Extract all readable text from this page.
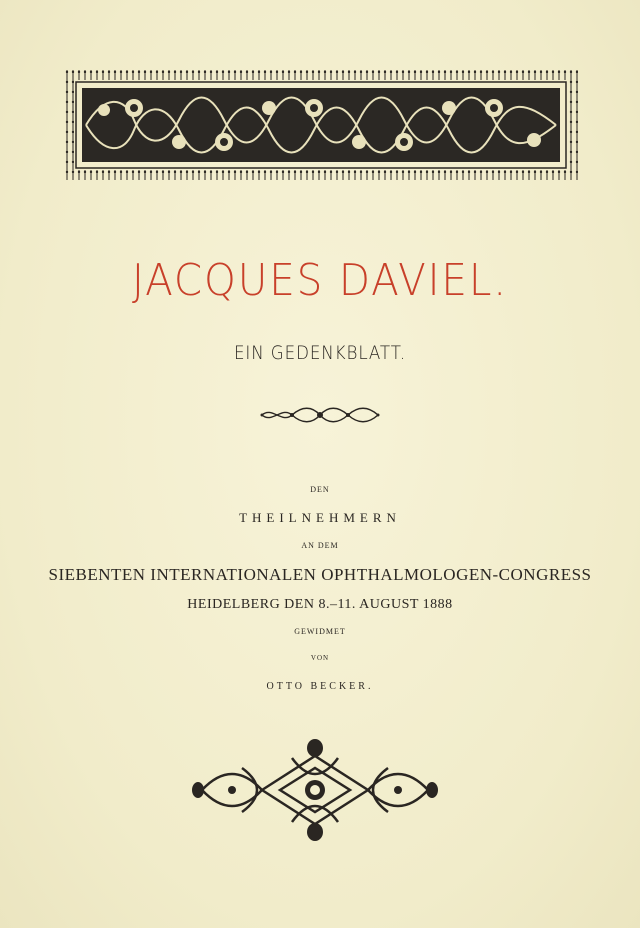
JACQUES DAVIEL.
EIN GEDENKBLATT.
DEN
THEILNEHMERN
AN DEM
SIEBENTEN INTERNATIONALEN OPHTHALMOLOGEN-CONGRESS
HEIDELBERG DEN 8.–11. AUGUST 1888
GEWIDMET
VON
OTTO BECKER.
